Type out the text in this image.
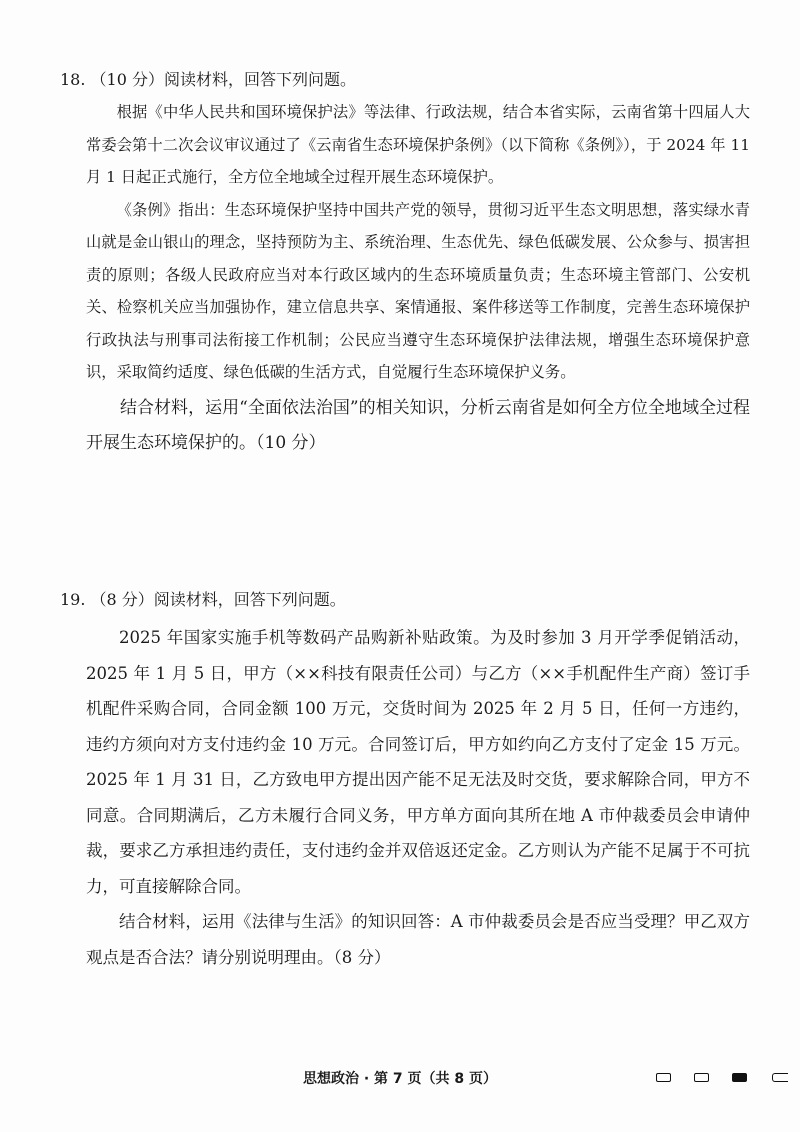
18. （10 分）阅读材料，回答下列问题。

根据《中华人民共和国环境保护法》等法律、行政法规，结合本省实际，云南省第十四届人大常委会第十二次会议审议通过了《云南省生态环境保护条例》（以下简称《条例》），于 2024 年 11 月 1 日起正式施行，全方位全地域全过程开展生态环境保护。

《条例》指出：生态环境保护坚持中国共产党的领导，贯彻习近平生态文明思想，落实绿水青山就是金山银山的理念，坚持预防为主、系统治理、生态优先、绿色低碳发展、公众参与、损害担责的原则；各级人民政府应当对本行政区域内的生态环境质量负责；生态环境主管部门、公安机关、检察机关应当加强协作，建立信息共享、案情通报、案件移送等工作制度，完善生态环境保护行政执法与刑事司法衔接工作机制；公民应当遵守生态环境保护法律法规，增强生态环境保护意识，采取简约适度、绿色低碳的生活方式，自觉履行生态环境保护义务。

结合材料，运用“全面依法治国”的相关知识，分析云南省是如何全方位全地域全过程开展生态环境保护的。（10 分）

19. （8 分）阅读材料，回答下列问题。

2025 年国家实施手机等数码产品购新补贴政策。为及时参加 3 月开学季促销活动，2025 年 1 月 5 日，甲方（××科技有限责任公司）与乙方（××手机配件生产商）签订手机配件采购合同，合同金额 100 万元，交货时间为 2025 年 2 月 5 日，任何一方违约，违约方须向对方支付违约金 10 万元。合同签订后，甲方如约向乙方支付了定金 15 万元。2025 年 1 月 31 日，乙方致电甲方提出因产能不足无法及时交货，要求解除合同，甲方不同意。合同期满后，乙方未履行合同义务，甲方单方面向其所在地 A 市仲裁委员会申请仲裁，要求乙方承担违约责任，支付违约金并双倍返还定金。乙方则认为产能不足属于不可抗力，可直接解除合同。

结合材料，运用《法律与生活》的知识回答：A 市仲裁委员会是否应当受理？甲乙双方观点是否合法？请分别说明理由。（8 分）

思想政治 · 第 7 页（共 8 页）
